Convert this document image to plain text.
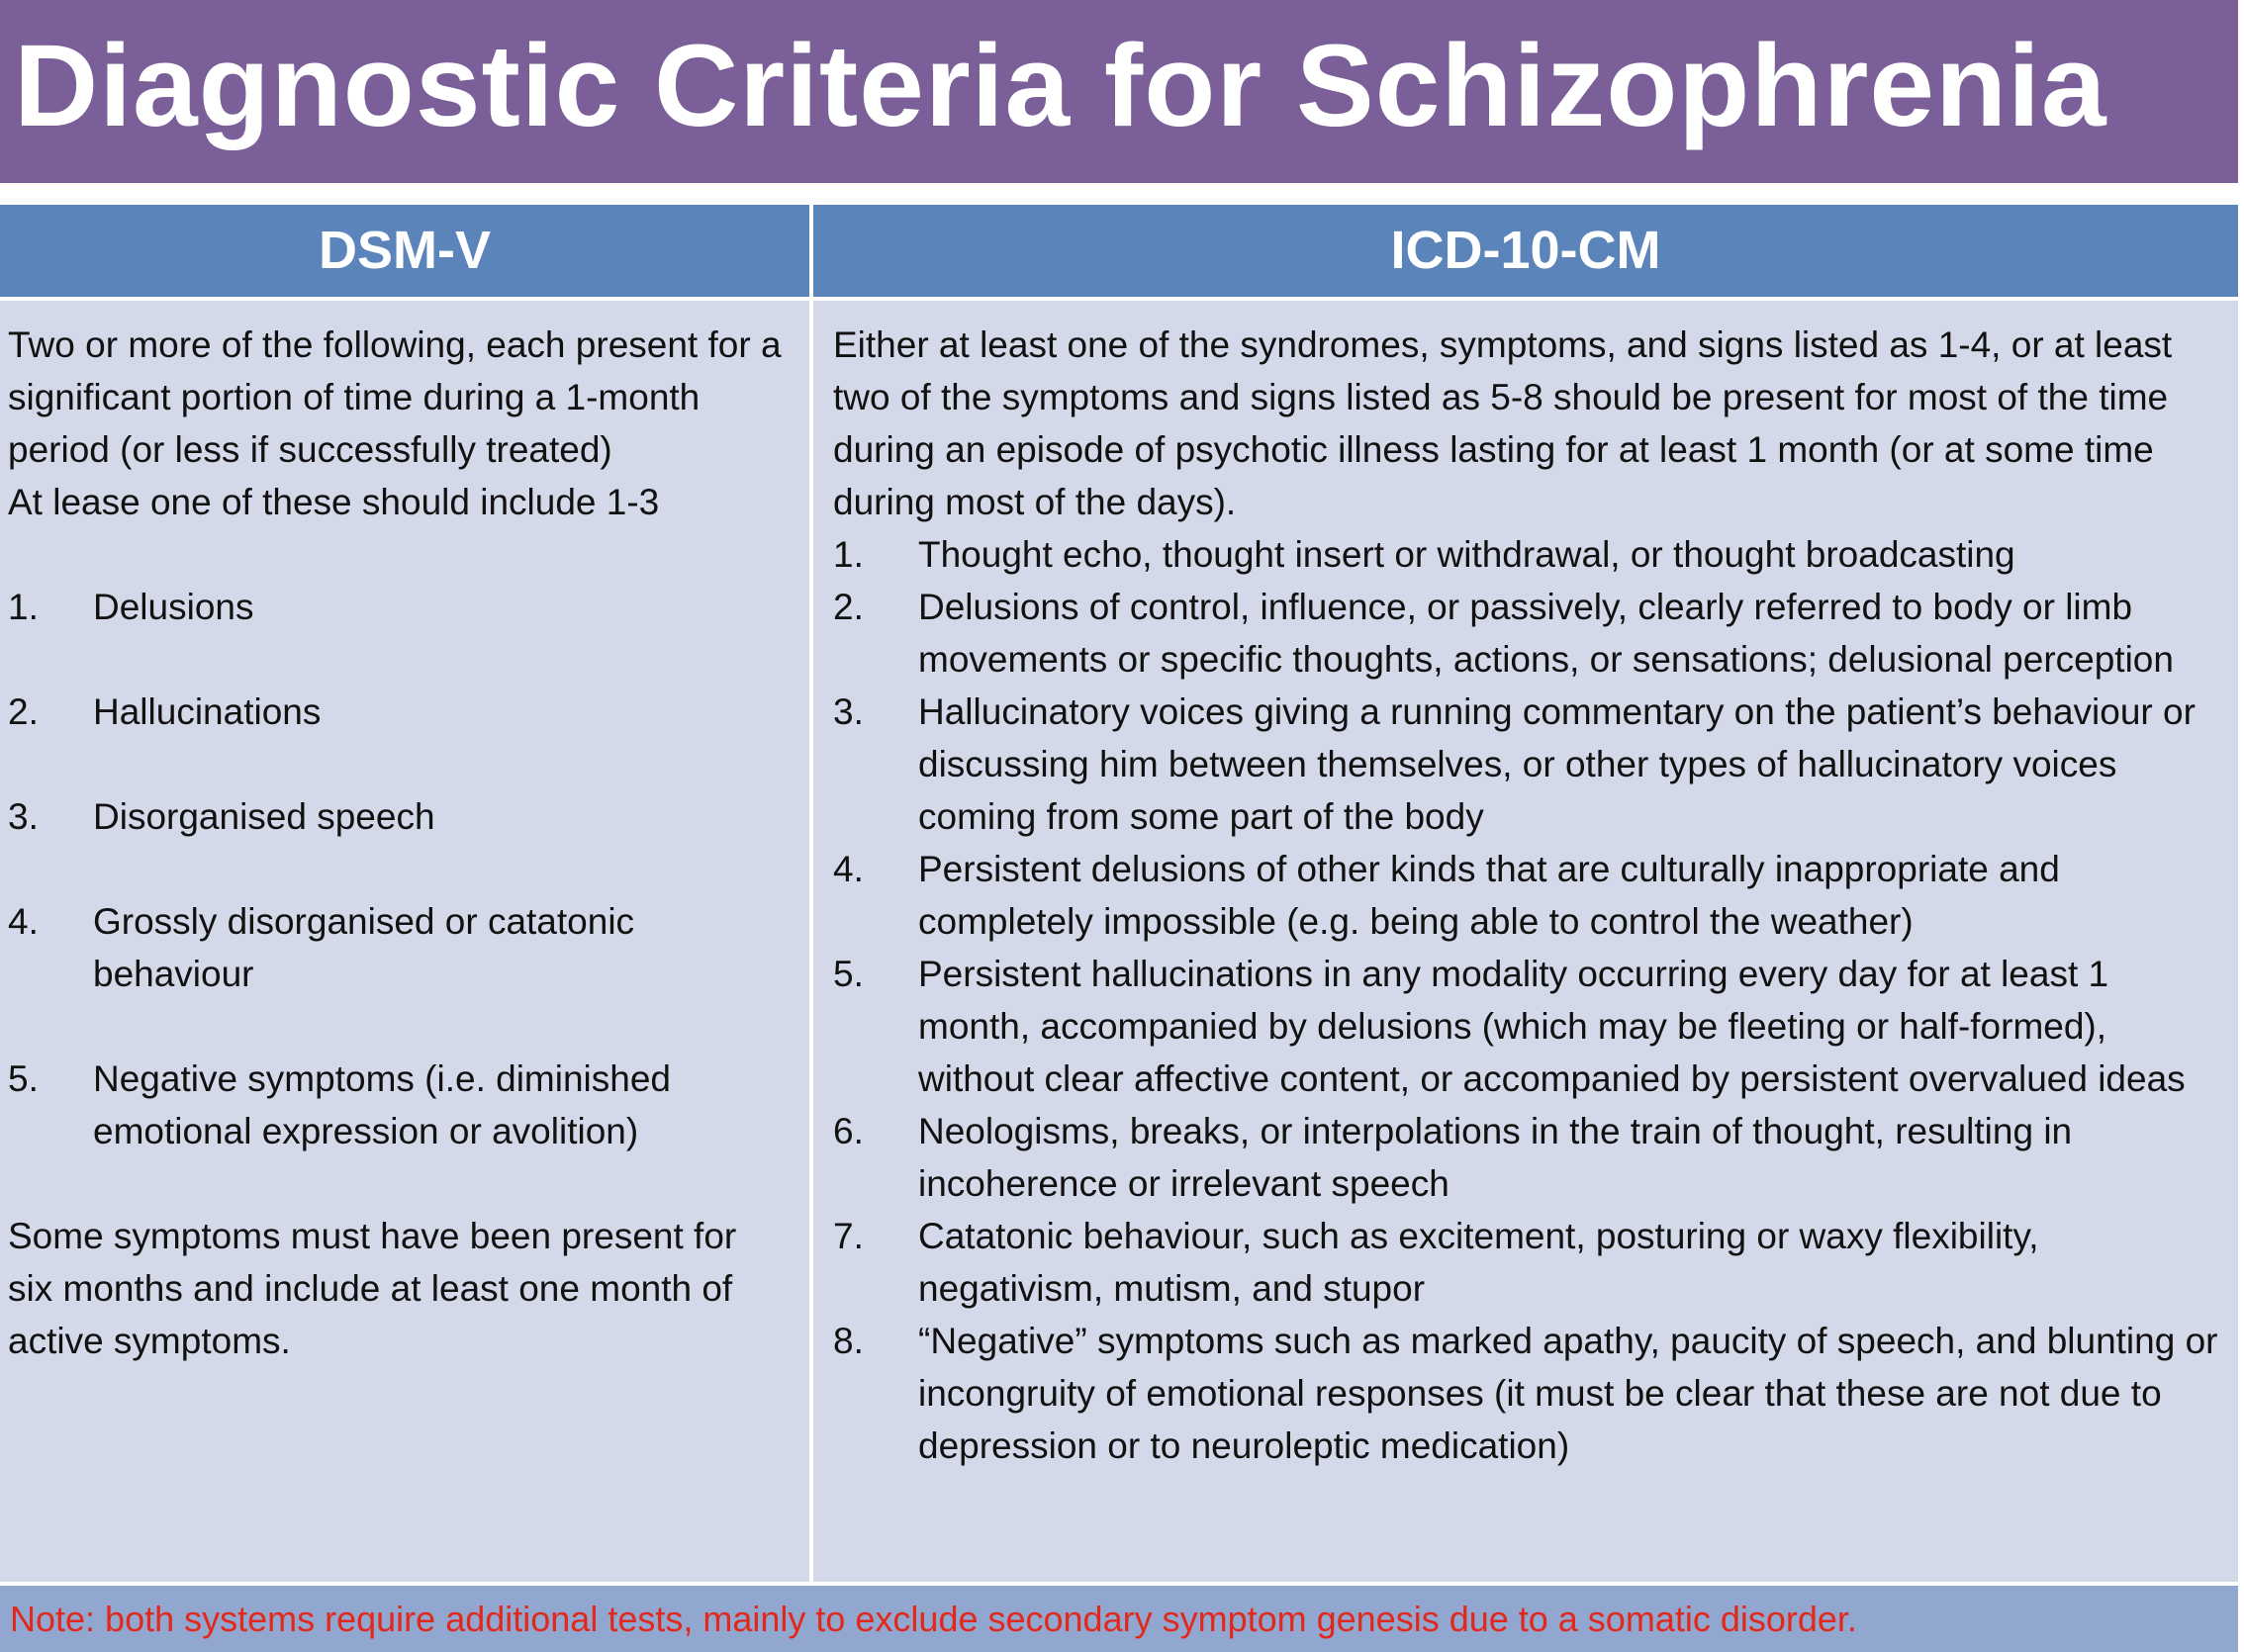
Diagnostic Criteria for Schizophrenia
DSM-V	ICD-10-CM

Two or more of the following, each present for a significant portion of time during a 1-month period (or less if successfully treated)

At lease one of these should include 1-3

1. Delusions

2. Hallucinations

3. Disorganised speech

4. Grossly disorganised or catatonic behaviour

5. Negative symptoms (i.e. diminished emotional expression or avolition)

Some symptoms must have been present for six months and include at least one month of active symptoms.

Either at least one of the syndromes, symptoms, and signs listed as 1-4, or at least two of the symptoms and signs listed as 5-8 should be present for most of the time during an episode of psychotic illness lasting for at least 1 month (or at some time during most of the days).

1. Thought echo, thought insert or withdrawal, or thought broadcasting

2. Delusions of control, influence, or passively, clearly referred to body or limb movements or specific thoughts, actions, or sensations; delusional perception

3. Hallucinatory voices giving a running commentary on the patient’s behaviour or discussing him between themselves, or other types of hallucinatory voices coming from some part of the body

4. Persistent delusions of other kinds that are culturally inappropriate and completely impossible (e.g. being able to control the weather)

5. Persistent hallucinations in any modality occurring every day for at least 1 month, accompanied by delusions (which may be fleeting or half-formed), without clear affective content, or accompanied by persistent overvalued ideas

6. Neologisms, breaks, or interpolations in the train of thought, resulting in incoherence or irrelevant speech

7. Catatonic behaviour, such as excitement, posturing or waxy flexibility, negativism, mutism, and stupor

8. “Negative” symptoms such as marked apathy, paucity of speech, and blunting or incongruity of emotional responses (it must be clear that these are not due to depression or to neuroleptic medication)

Note: both systems require additional tests, mainly to exclude secondary symptom genesis due to a somatic disorder.
